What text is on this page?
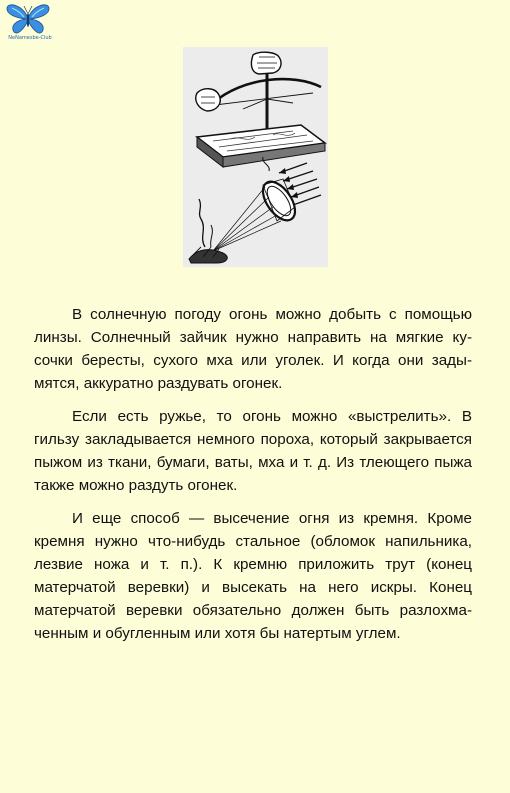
NeNamesbe-Club

В солнечную погоду огонь можно добыть с помощью линзы. Солнечный зайчик нужно направить на мягкие кусочки бересты, сухого мха или уголек. И когда они задымятся, аккуратно раздувать огонек.

Если есть ружье, то огонь можно «выстрелить». В гильзу закладывается немного пороха, который закрывается пыжом из ткани, бумаги, ваты, мха и т. д. Из тлеющего пыжа также можно раздуть огонек.

И еще способ — высечение огня из кремня. Кроме кремня нужно что-нибудь стальное (обломок напильника, лезвие ножа и т. п.). К кремню приложить трут (конец матерчатой веревки) и высекать на него искры. Конец матерчатой веревки обязательно должен быть разлохмаченным и обугленным или хотя бы натертым углем.
